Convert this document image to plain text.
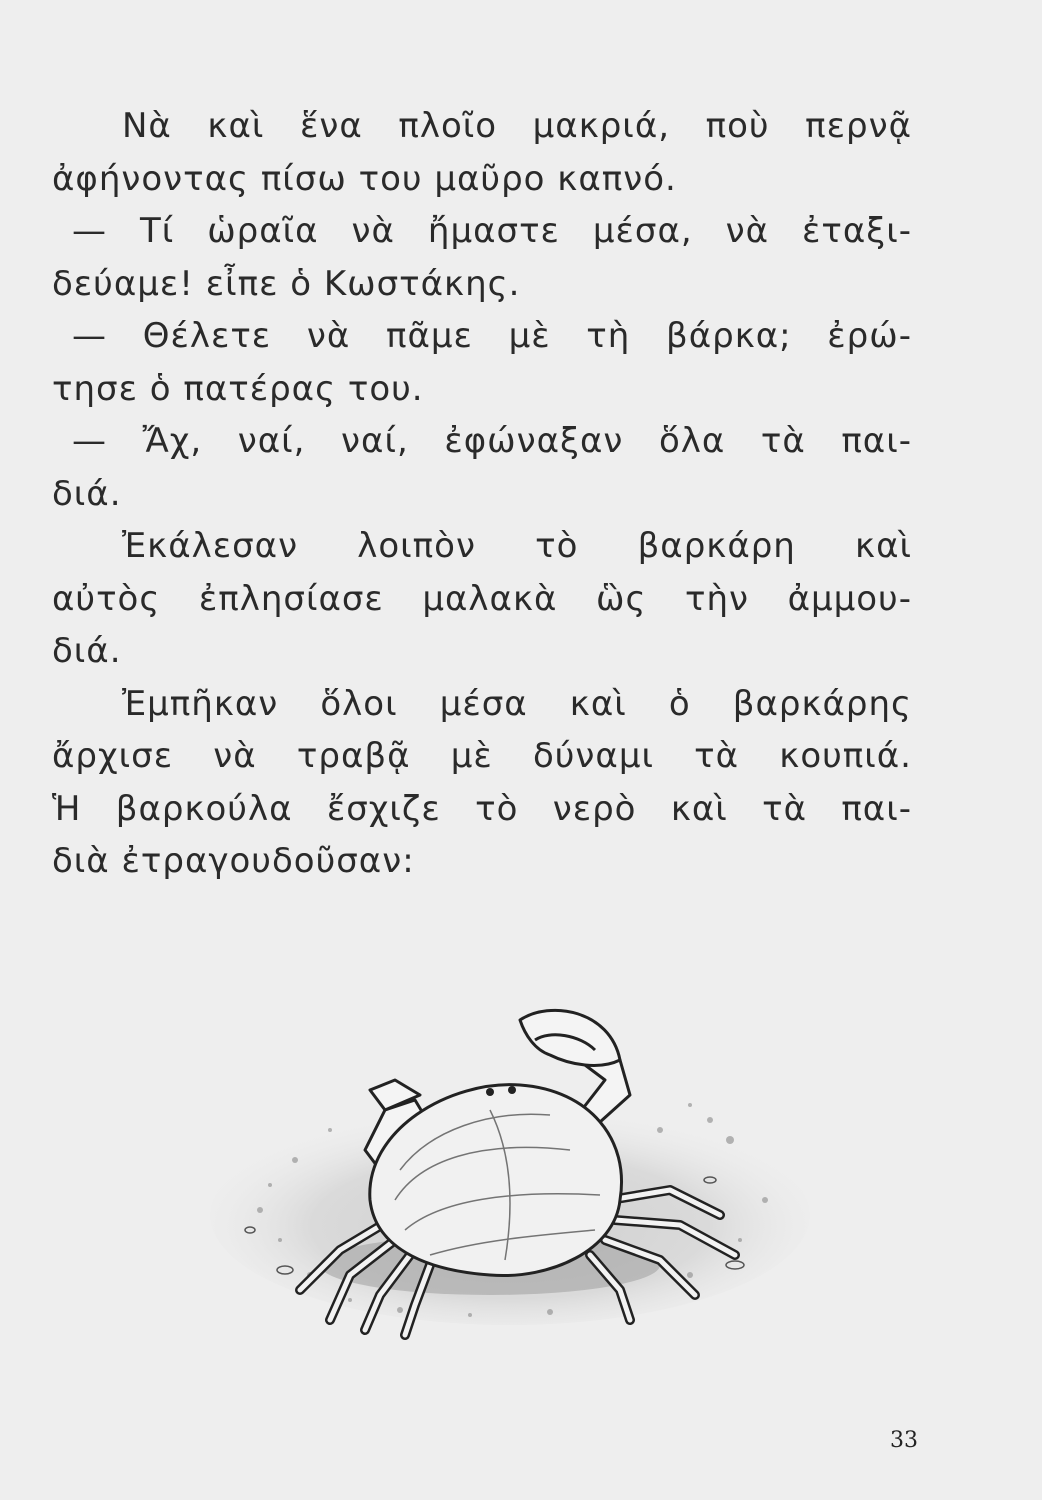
Νὰ καὶ ἕνα πλοῖο μακριά, ποὺ περνᾷ
ἀφήνοντας πίσω του μαῦρο καπνό.
— Τί ὡραῖα νὰ ἤμαστε μέσα, νὰ ἐταξι-
δεύαμε! εἶπε ὁ Κωστάκης.
— Θέλετε νὰ πᾶμε μὲ τὴ βάρκα; ἐρώ-
τησε ὁ πατέρας του.
— Ἄχ, ναί, ναί, ἐφώναξαν ὅλα τὰ παι-
διά.
Ἐκάλεσαν λοιπὸν τὸ βαρκάρη καὶ
αὐτὸς ἐπλησίασε μαλακὰ ὣς τὴν ἀμμου-
διά.
Ἐμπῆκαν ὅλοι μέσα καὶ ὁ βαρκάρης
ἄρχισε νὰ τραβᾷ μὲ δύναμι τὰ κουπιά.
Ἡ βαρκούλα ἔσχιζε τὸ νερὸ καὶ τὰ παι-
διὰ ἐτραγουδοῦσαν:
33
